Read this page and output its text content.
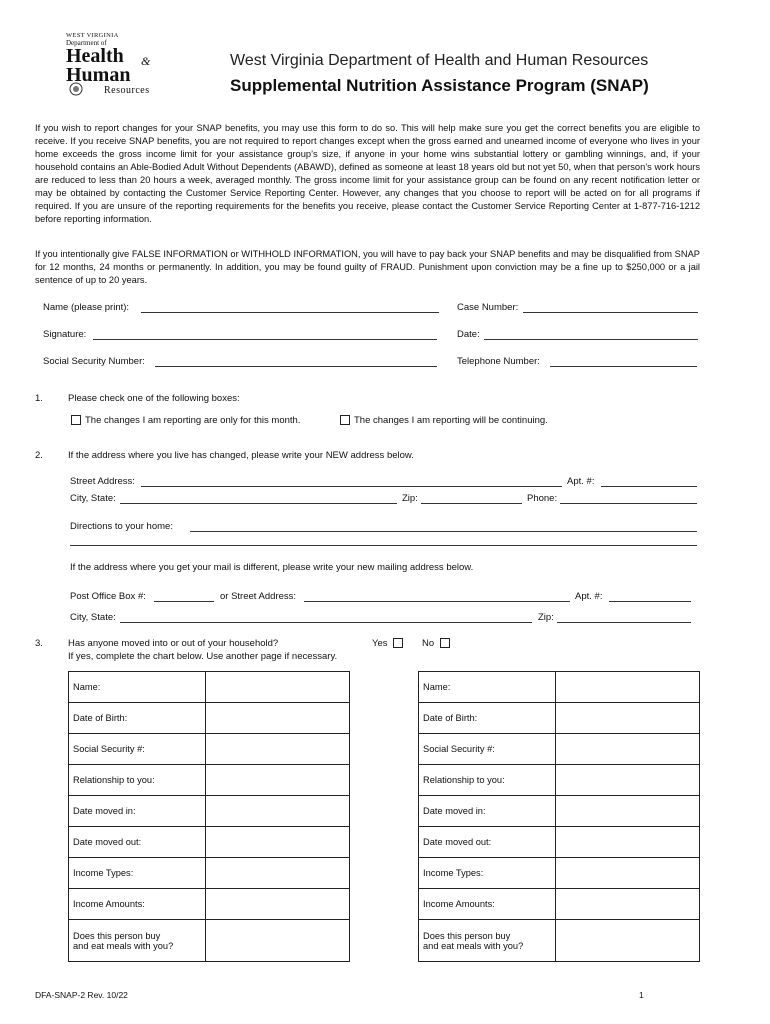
WEST VIRGINIA
Department of
Health &
Human
Resources
West Virginia Department of Health and Human Resources
Supplemental Nutrition Assistance Program (SNAP)
If you wish to report changes for your SNAP benefits, you may use this form to do so. This will help make sure you get the correct benefits you are eligible to receive. If you receive SNAP benefits, you are not required to report changes except when the gross earned and unearned income of everyone who lives in your home exceeds the gross income limit for your assistance group’s size, if anyone in your home wins substantial lottery or gambling winnings, and, if your household contains an Able-Bodied Adult Without Dependents (ABAWD), defined as someone at least 18 years old but not yet 50, when that person’s work hours are reduced to less than 20 hours a week, averaged monthly. The gross income limit for your assistance group can be found on any recent notification letter or may be obtained by contacting the Customer Service Reporting Center. However, any changes that you choose to report will be acted on for all programs if required. If you are unsure of the reporting requirements for the benefits you receive, please contact the Customer Service Reporting Center at 1-877-716-1212 before reporting information.
If you intentionally give FALSE INFORMATION or WITHHOLD INFORMATION, you will have to pay back your SNAP benefits and may be disqualified from SNAP for 12 months, 24 months or permanently. In addition, you may be found guilty of FRAUD. Punishment upon conviction may be a fine up to $250,000 or a jail sentence of up to 20 years.
Name (please print):	Case Number:
Signature:	Date:
Social Security Number:	Telephone Number:
1.	Please check one of the following boxes:
The changes I am reporting are only for this month.	The changes I am reporting will be continuing.
2.	If the address where you live has changed, please write your NEW address below.
Street Address:	Apt. #:
City, State:	Zip:	Phone:
Directions to your home:
If the address where you get your mail is different, please write your new mailing address below.
Post Office Box #:	or Street Address:	Apt. #:
City, State:	Zip:
3.	Has anyone moved into or out of your household?
If yes, complete the chart below. Use another page if necessary.
Yes	No
Name:	
Date of Birth:	
Social Security #:	
Relationship to you:	
Date moved in:	
Date moved out:	
Income Types:	
Income Amounts:	

Does this person buy
and eat meals with you?	

Name:	
Date of Birth:	
Social Security #:	
Relationship to you:	
Date moved in:	
Date moved out:	
Income Types:	
Income Amounts:	

Does this person buy
and eat meals with you?	

DFA-SNAP-2 Rev. 10/22	1
